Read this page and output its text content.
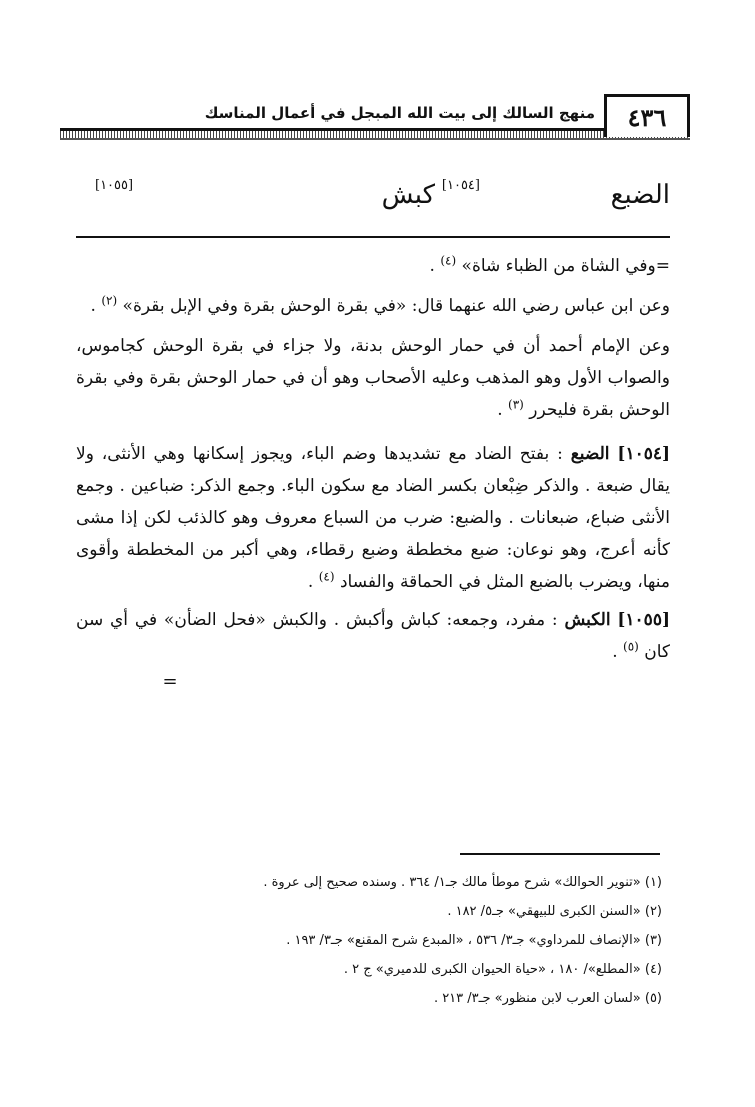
٤٣٦
منهج السالك إلى بيت الله المبجل في أعمال المناسك
الضبع
[١٠٥٤]
كبش
[١٠٥٥]

=وفي الشاة من الظباء شاة» $^{(٤)}$ .

وعن ابن عباس رضي الله عنهما قال: «في بقرة الوحش بقرة وفي الإبل بقرة» $^{(٢)}$ .

وعن الإمام أحمد أن في حمار الوحش بدنة، ولا جزاء في بقرة الوحش كجاموس، والصواب الأول وهو المذهب وعليه الأصحاب وهو أن في حمار الوحش بقرة وفي بقرة الوحش بقرة فليحرر $^{(٣)}$ .

[١٠٥٤] الضبع : بفتح الضاد مع تشديدها وضم الباء، ويجوز إسكانها وهي الأنثى، ولا يقال ضبعة . والذكر ضِبْعان بكسر الضاد مع سكون الباء. وجمع الذكر: ضباعين . وجمع الأنثى ضباع، ضبعانات . والضبع: ضرب من السباع معروف وهو كالذئب لكن إذا مشى كأنه أعرج، وهو نوعان: ضبع مخططة وضبع رقطاء، وهي أكبر من المخططة وأقوى منها، ويضرب بالضبع المثل في الحماقة والفساد $^{(٤)}$ .

[١٠٥٥] الكبش : مفرد، وجمعه: كباش وأكبش . والكبش «فحل الضأن» في أي سن كان $^{(٥)}$ .

=
(١) «تنوير الحوالك» شرح موطأ مالك جـ١/ ٣٦٤ . وسنده صحيح إلى عروة .
(٢) «السنن الكبرى للبيهقي» جـ٥/ ١٨٢ .
(٣) «الإنصاف للمرداوي» جـ٣/ ٥٣٦ ، «المبدع شرح المقنع» جـ٣/ ١٩٣ .
(٤) «المطلع»/ ١٨٠ ، «حياة الحيوان الكبرى للدميري» ج ٢ .
(٥) «لسان العرب لابن منظور» جـ٣/ ٢١٣ .
